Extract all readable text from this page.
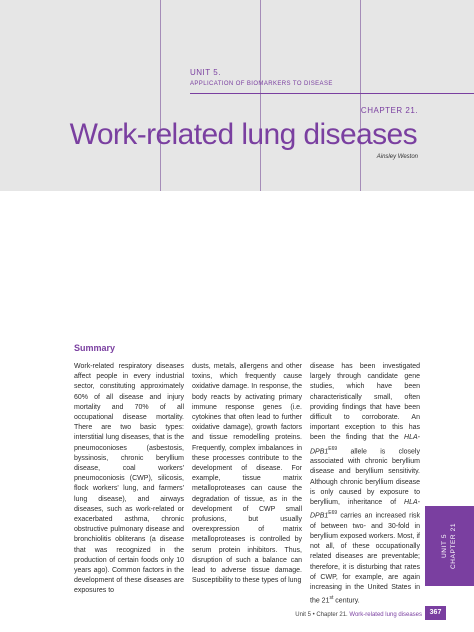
UNIT 5.
APPLICATION OF BIOMARKERS TO DISEASE
CHAPTER 21.
Work-related lung diseases
Ainsley Weston
Summary

Work-related respiratory diseases affect people in every industrial sector, constituting approximately 60% of all disease and injury mortality and 70% of all occupational disease mortality. There are two basic types: interstitial lung diseases, that is the pneumoconioses (asbestosis, byssinosis, chronic beryllium disease, coal workers' pneumoconiosis (CWP), silicosis, flock workers' lung, and farmers' lung disease), and airways diseases, such as work-related or exacerbated asthma, chronic obstructive pulmonary disease and bronchiolitis obliterans (a disease that was recognized in the production of certain foods only 10 years ago). Common factors in the development of these diseases are exposures to

dusts, metals, allergens and other toxins, which frequently cause oxidative damage. In response, the body reacts by activating primary immune response genes (i.e. cytokines that often lead to further oxidative damage), growth factors and tissue remodelling proteins. Frequently, complex imbalances in these processes contribute to the development of disease. For example, tissue matrix metalloproteases can cause the degradation of tissue, as in the development of CWP small profusions, but usually overexpression of matrix metalloproteases is controlled by serum protein inhibitors. Thus, disruption of such a balance can lead to adverse tissue damage. Susceptibility to these types of lung

disease has been investigated largely through candidate gene studies, which have been characteristically small, often providing findings that have been difficult to corroborate. An important exception to this has been the finding that the HLA-$DPB1^{E69}$ allele is closely associated with chronic beryllium disease and beryllium sensitivity. Although chronic beryllium disease is only caused by exposure to beryllium, inheritance of HLA-$DPB1^{E69}$ carries an increased risk of between two- and 30-fold in beryllium exposed workers. Most, if not all, of these occupationally related diseases are preventable; therefore, it is disturbing that rates of CWP, for example, are again increasing in the United States in the 21st century.

UNIT 5 CHAPTER 21
Unit 5 • Chapter 21. Work-related lung diseases	367
